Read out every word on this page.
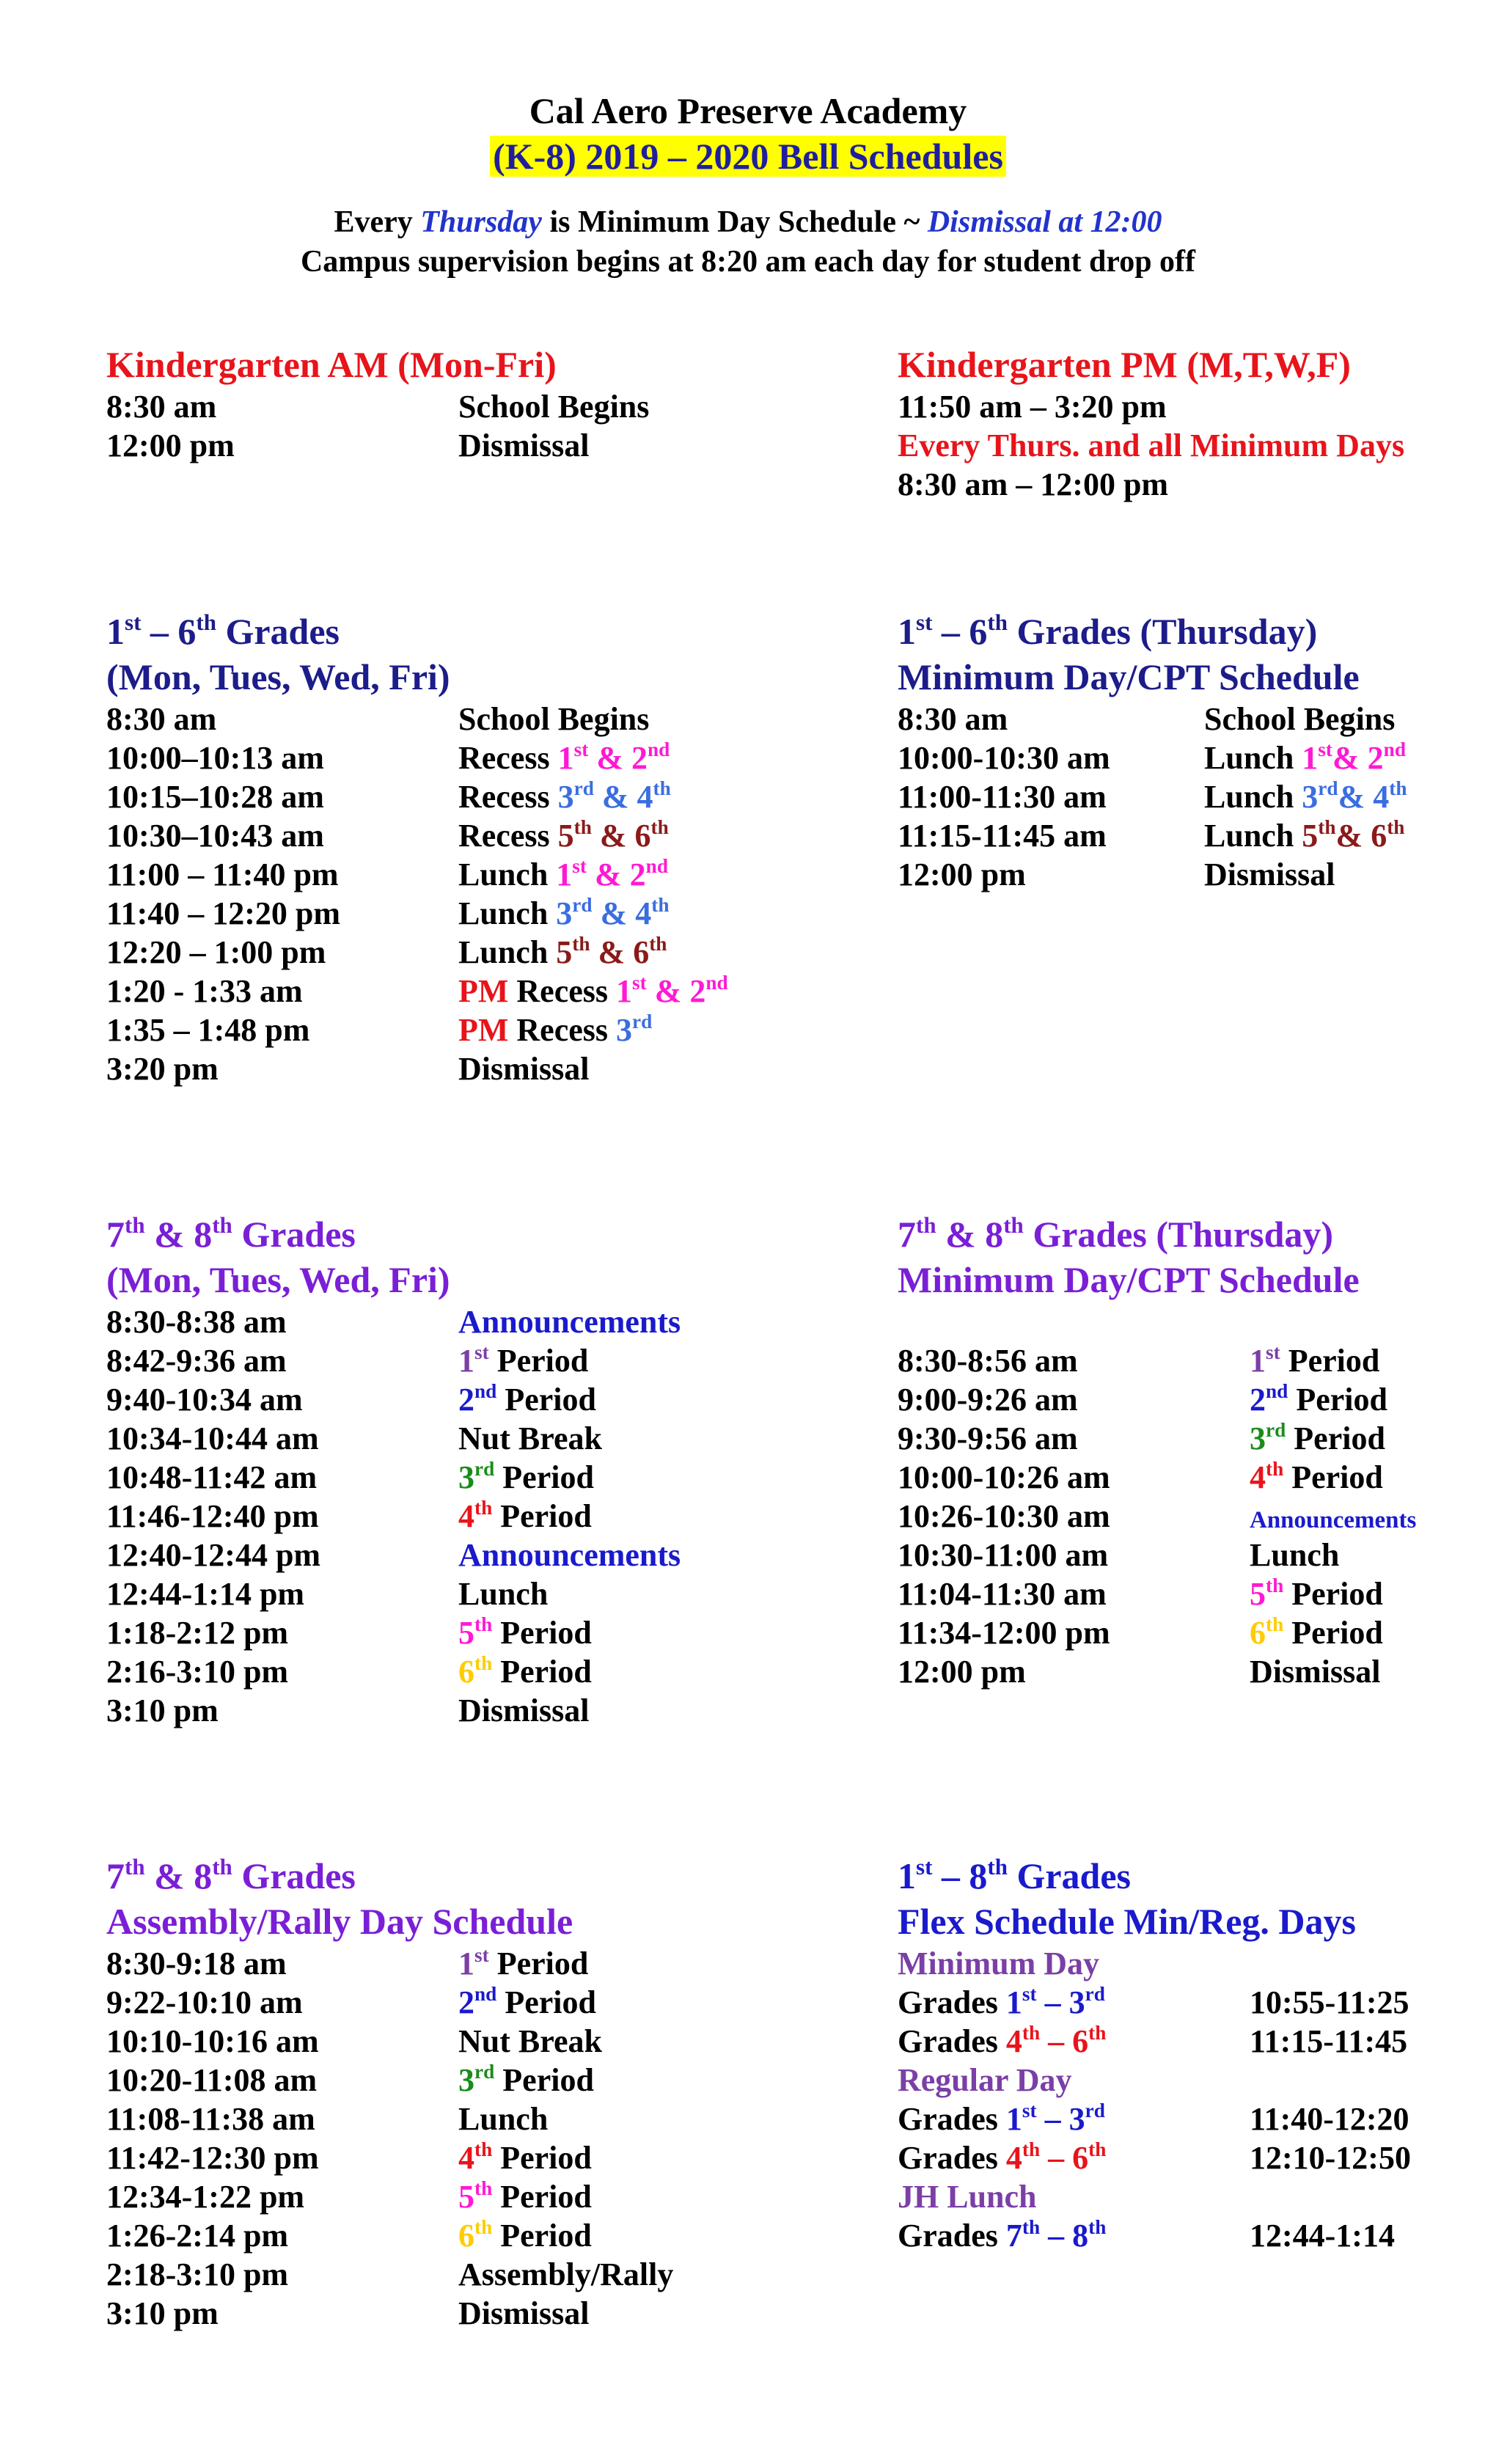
Cal Aero Preserve Academy
(K-8) 2019 – 2020 Bell Schedules
Every Thursday is Minimum Day Schedule ~ Dismissal at 12:00
Campus supervision begins at 8:20 am each day for student drop off
Kindergarten AM (Mon-Fri)
8:30 am	School Begins
12:00 pm	Dismissal
Kindergarten PM (M,T,W,F)
11:50 am – 3:20 pm
Every Thurs. and all Minimum Days
8:30 am – 12:00 pm
1st – 6th Grades
(Mon, Tues, Wed, Fri)
8:30 am	School Begins
10:00–10:13 am	Recess 1st & 2nd
10:15–10:28 am	Recess 3rd & 4th
10:30–10:43 am	Recess 5th & 6th
11:00 – 11:40 pm	Lunch 1st & 2nd
11:40 – 12:20 pm	Lunch 3rd & 4th
12:20 – 1:00 pm	Lunch 5th & 6th
1:20 - 1:33 am	PM Recess 1st & 2nd
1:35 – 1:48 pm	PM Recess 3rd
3:20 pm	Dismissal
1st – 6th Grades (Thursday)
Minimum Day/CPT Schedule
8:30 am	School Begins
10:00-10:30 am	Lunch 1st& 2nd
11:00-11:30 am	Lunch 3rd& 4th
11:15-11:45 am	Lunch 5th& 6th
12:00 pm	Dismissal
7th & 8th Grades
(Mon, Tues, Wed, Fri)
8:30-8:38 am	Announcements
8:42-9:36 am	1st Period
9:40-10:34 am	2nd Period
10:34-10:44 am	Nut Break
10:48-11:42 am	3rd Period
11:46-12:40 pm	4th Period
12:40-12:44 pm	Announcements
12:44-1:14 pm	Lunch
1:18-2:12 pm	5th Period
2:16-3:10 pm	6th Period
3:10 pm	Dismissal
7th & 8th Grades (Thursday)
Minimum Day/CPT Schedule
8:30-8:56 am	1st Period
9:00-9:26 am	2nd Period
9:30-9:56 am	3rd Period
10:00-10:26 am	4th Period
10:26-10:30 am	Announcements
10:30-11:00 am	Lunch
11:04-11:30 am	5th Period
11:34-12:00 pm	6th Period
12:00 pm	Dismissal
7th & 8th Grades
Assembly/Rally Day Schedule
8:30-9:18 am	1st Period
9:22-10:10 am	2nd Period
10:10-10:16 am	Nut Break
10:20-11:08 am	3rd Period
11:08-11:38 am	Lunch
11:42-12:30 pm	4th Period
12:34-1:22 pm	5th Period
1:26-2:14 pm	6th Period
2:18-3:10 pm	Assembly/Rally
3:10 pm	Dismissal
1st – 8th Grades
Flex Schedule Min/Reg. Days
Minimum Day
Grades 1st – 3rd	10:55-11:25
Grades 4th – 6th	11:15-11:45
Regular Day
Grades 1st – 3rd	11:40-12:20
Grades 4th – 6th	12:10-12:50
JH Lunch
Grades 7th – 8th	12:44-1:14
